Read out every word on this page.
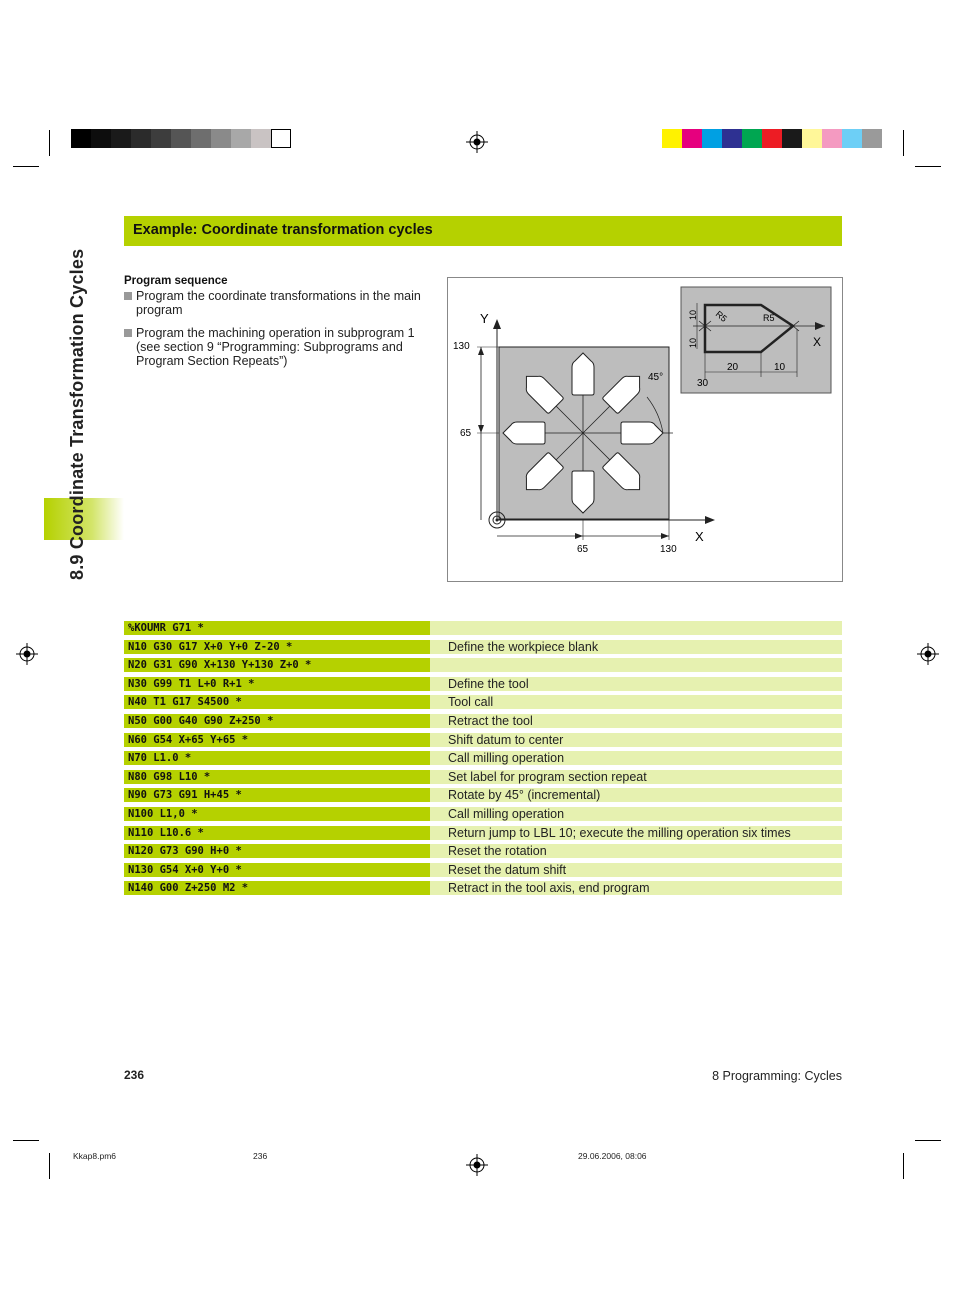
8.9 Coordinate Transformation Cycles
Example: Coordinate transformation cycles
Program sequence
Program the coordinate transformations in the main program
Program the machining operation in subprogram 1 (see section 9 “Programming: Subprograms and Program Section Repeats”)
Y
X
130
65
65	130
45°
X
R5	R5
10
10
20	10
30
%KOUMR G71 *
N10 G30 G17 X+0 Y+0 Z-20 *	Define the workpiece blank
N20 G31 G90 X+130 Y+130 Z+0 *
N30 G99 T1 L+0 R+1 *	Define the tool
N40 T1 G17 S4500 *	Tool call
N50 G00 G40 G90 Z+250 *	Retract the tool
N60 G54 X+65 Y+65 *	Shift datum to center
N70 L1.0 *	Call milling operation
N80 G98 L10 *	Set label for program section repeat
N90 G73 G91 H+45 *	Rotate by 45° (incremental)
N100 L1,0 *	Call milling operation
N110 L10.6 *	Return jump to LBL 10; execute the milling operation six times
N120 G73 G90 H+0 *	Reset the rotation
N130 G54 X+0 Y+0 *	Reset the datum shift
N140 G00 Z+250 M2 *	Retract in the tool axis, end program
236	8 Programming: Cycles
Kkap8.pm6	236	29.06.2006, 08:06
